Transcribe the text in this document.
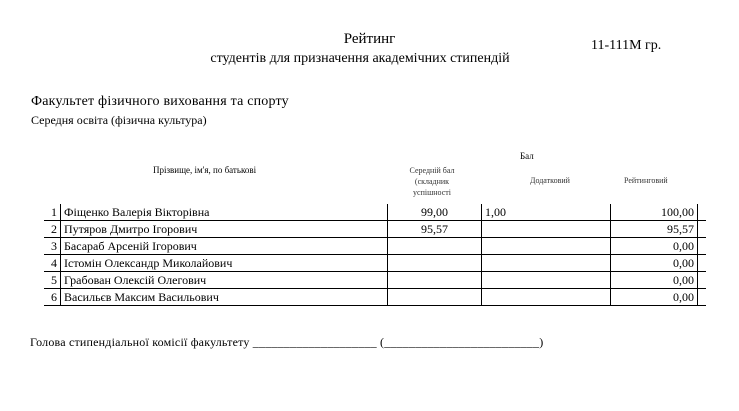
Рейтинг
студентів для призначення академічних стипендій
11-111М гр.
Факультет фізичного виховання та спорту
Середня освіта (фізична культура)
Прізвище, ім'я, по батькові
Бал
Середній бал (складник успішності
Додатковий	Рейтинговий
1	Фіщенко Валерія Вікторівна	99,00	1,00	100,00	
2	Путяров Дмитро Ігорович	95,57		95,57	
3	Басараб Арсеній Ігорович			0,00	
4	Істомін Олександр Миколайович			0,00	
5	Грабован Олексій Олегович			0,00	
6	Васильєв Максим Васильович			0,00	
Голова стипендіальної комісії факультету ____________________ (_________________________)
